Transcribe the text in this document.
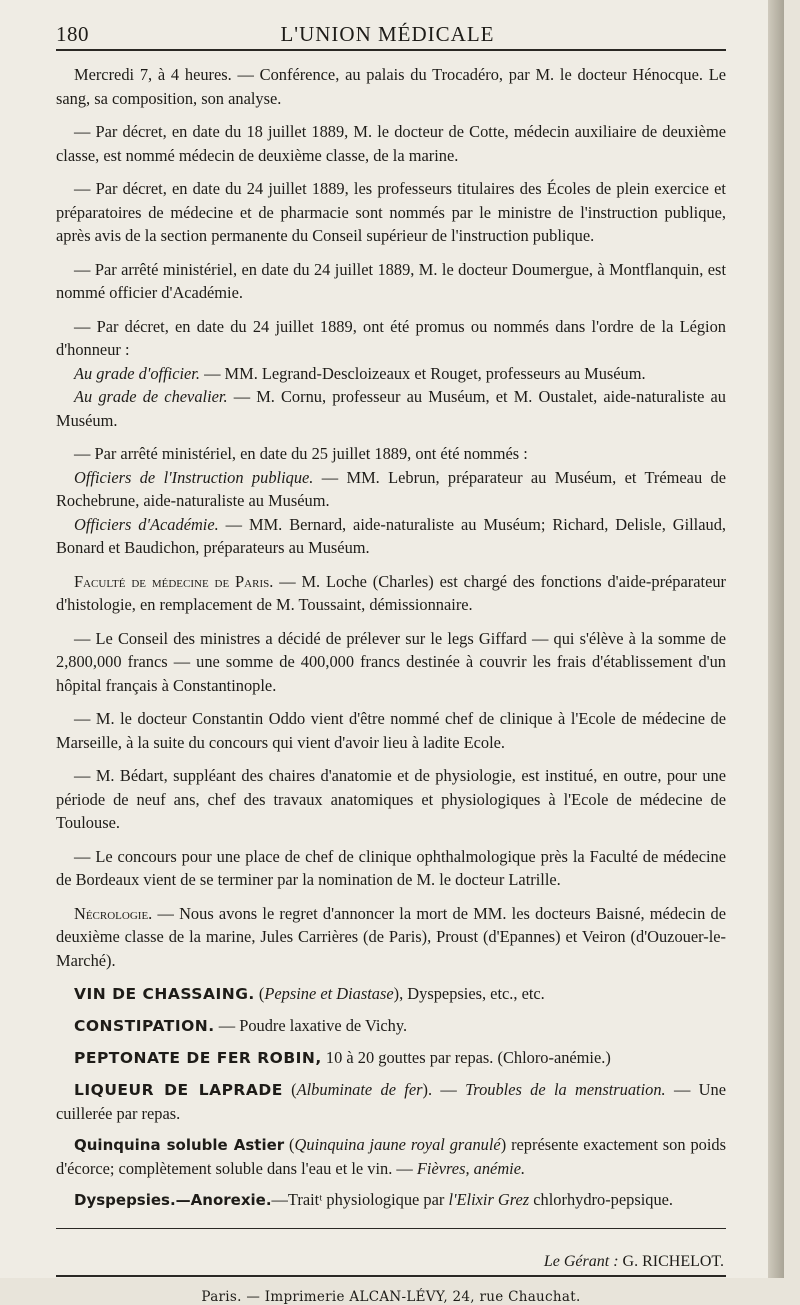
180	L'UNION MÉDICALE

Mercredi 7, à 4 heures. — Conférence, au palais du Trocadéro, par M. le docteur Hénocque. Le sang, sa composition, son analyse.

— Par décret, en date du 18 juillet 1889, M. le docteur de Cotte, médecin auxiliaire de deuxième classe, est nommé médecin de deuxième classe, de la marine.

— Par décret, en date du 24 juillet 1889, les professeurs titulaires des Écoles de plein exercice et préparatoires de médecine et de pharmacie sont nommés par le ministre de l'instruction publique, après avis de la section permanente du Conseil supérieur de l'instruction publique.

— Par arrêté ministériel, en date du 24 juillet 1889, M. le docteur Doumergue, à Montflanquin, est nommé officier d'Académie.

— Par décret, en date du 24 juillet 1889, ont été promus ou nommés dans l'ordre de la Légion d'honneur :
Au grade d'officier. — MM. Legrand-Descloizeaux et Rouget, professeurs au Muséum.
Au grade de chevalier. — M. Cornu, professeur au Muséum, et M. Oustalet, aide-naturaliste au Muséum.
— Par arrêté ministériel, en date du 25 juillet 1889, ont été nommés :
Officiers de l'Instruction publique. — MM. Lebrun, préparateur au Muséum, et Trémeau de Rochebrune, aide-naturaliste au Muséum.
Officiers d'Académie. — MM. Bernard, aide-naturaliste au Muséum; Richard, Delisle, Gillaud, Bonard et Baudichon, préparateurs au Muséum.

Faculté de médecine de Paris. — M. Loche (Charles) est chargé des fonctions d'aide-préparateur d'histologie, en remplacement de M. Toussaint, démissionnaire.

— Le Conseil des ministres a décidé de prélever sur le legs Giffard — qui s'élève à la somme de 2,800,000 francs — une somme de 400,000 francs destinée à couvrir les frais d'établissement d'un hôpital français à Constantinople.

— M. le docteur Constantin Oddo vient d'être nommé chef de clinique à l'Ecole de médecine de Marseille, à la suite du concours qui vient d'avoir lieu à ladite Ecole.

— M. Bédart, suppléant des chaires d'anatomie et de physiologie, est institué, en outre, pour une période de neuf ans, chef des travaux anatomiques et physiologiques à l'Ecole de médecine de Toulouse.

— Le concours pour une place de chef de clinique ophthalmologique près la Faculté de médecine de Bordeaux vient de se terminer par la nomination de M. le docteur Latrille.

Nécrologie. — Nous avons le regret d'annoncer la mort de MM. les docteurs Baisné, médecin de deuxième classe de la marine, Jules Carrières (de Paris), Proust (d'Epannes) et Veiron (d'Ouzouer-le-Marché).

VIN DE CHASSAING. (Pepsine et Diastase), Dyspepsies, etc., etc.

CONSTIPATION. — Poudre laxative de Vichy.

PEPTONATE DE FER ROBIN, 10 à 20 gouttes par repas. (Chloro-anémie.)

LIQUEUR DE LAPRADE (Albuminate de fer). — Troubles de la menstruation. — Une cuillerée par repas.

Quinquina soluble Astier (Quinquina jaune royal granulé) représente exactement son poids d'écorce; complètement soluble dans l'eau et le vin. — Fièvres, anémie.

Dyspepsies.—Anorexie.—Traitᵗ physiologique par l'Elixir Grez chlorhydro-pepsique.

Le Gérant : G. RICHELOT.
Paris. — Imprimerie ALCAN-LÉVY, 24, rue Chauchat.
